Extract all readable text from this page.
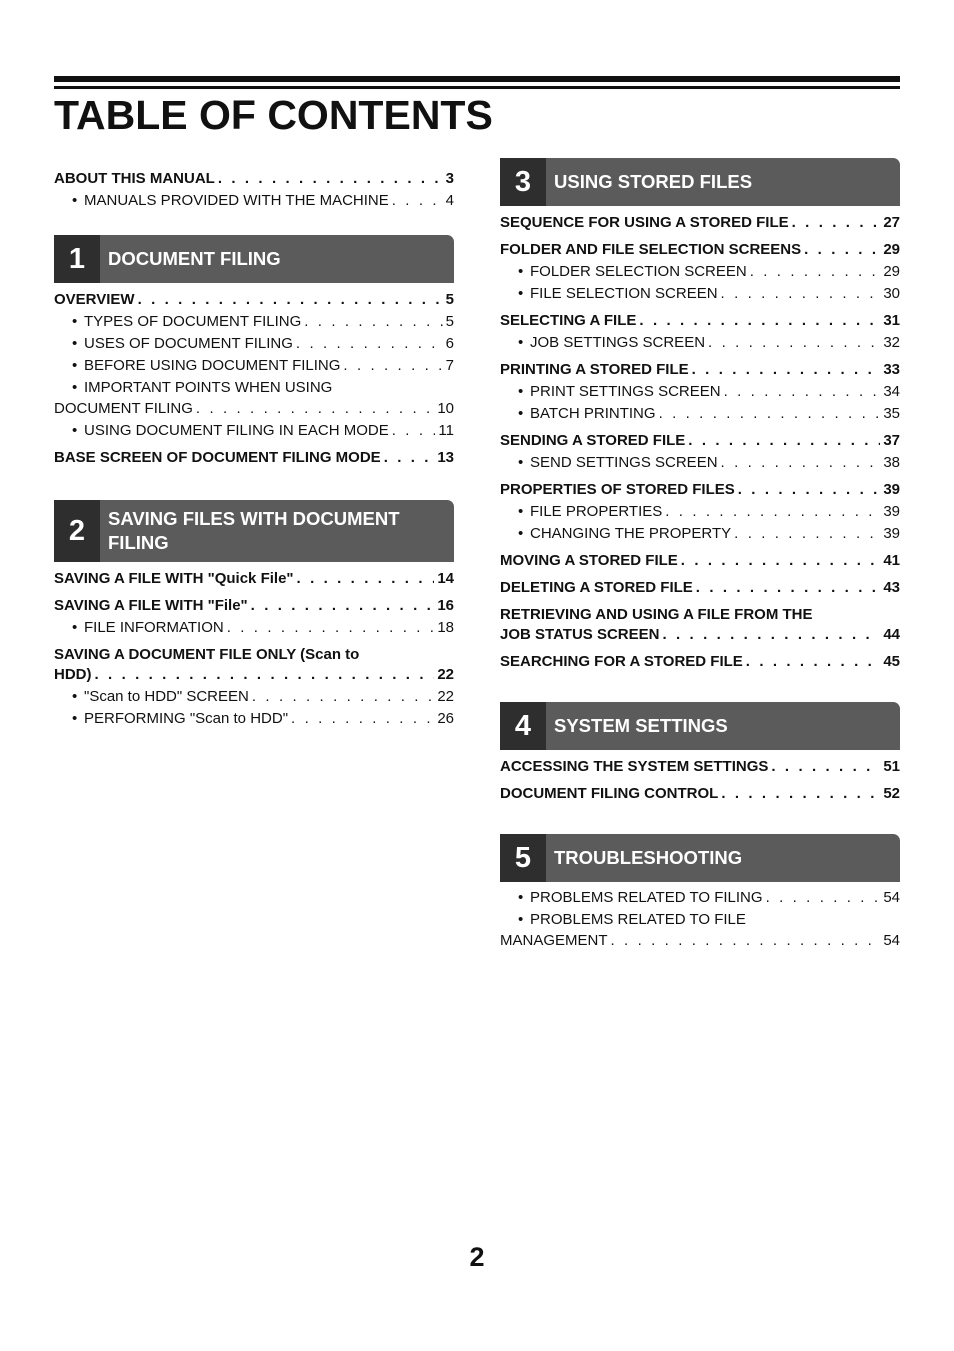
TABLE OF CONTENTS
ABOUT THIS MANUAL . . .	3
• MANUALS PROVIDED WITH THE MACHINE . . .	4
1	DOCUMENT FILING
OVERVIEW . . .	5
• TYPES OF DOCUMENT FILING . . .	5
• USES OF DOCUMENT FILING . . .	6
• BEFORE USING DOCUMENT FILING . . .	7
• IMPORTANT POINTS WHEN USING
DOCUMENT FILING . . .	10
• USING DOCUMENT FILING IN EACH MODE . . .	11
BASE SCREEN OF DOCUMENT FILING MODE . . .	13
2	SAVING FILES WITH DOCUMENT FILING
SAVING A FILE WITH "Quick File" . . .	14
SAVING A FILE WITH "File" . . .	16
• FILE INFORMATION . . .	18
SAVING A DOCUMENT FILE ONLY (Scan to
HDD) . . .	22
• "Scan to HDD" SCREEN . . .	22
• PERFORMING "Scan to HDD" . . .	26
3	USING STORED FILES
SEQUENCE FOR USING A STORED FILE . . .	27
FOLDER AND FILE SELECTION SCREENS . . .	29
• FOLDER SELECTION SCREEN . . .	29
• FILE SELECTION SCREEN . . .	30
SELECTING A FILE . . .	31
• JOB SETTINGS SCREEN . . .	32
PRINTING A STORED FILE . . .	33
• PRINT SETTINGS SCREEN . . .	34
• BATCH PRINTING . . .	35
SENDING A STORED FILE . . .	37
• SEND SETTINGS SCREEN . . .	38
PROPERTIES OF STORED FILES . . .	39
• FILE PROPERTIES . . .	39
• CHANGING THE PROPERTY . . .	39
MOVING A STORED FILE . . .	41
DELETING A STORED FILE . . .	43
RETRIEVING AND USING A FILE FROM THE
JOB STATUS SCREEN . . .	44
SEARCHING FOR A STORED FILE . . .	45
4	SYSTEM SETTINGS
ACCESSING THE SYSTEM SETTINGS . . .	51
DOCUMENT FILING CONTROL . . .	52
5	TROUBLESHOOTING
• PROBLEMS RELATED TO FILING . . .	54
• PROBLEMS RELATED TO FILE
MANAGEMENT . . .	54

2
